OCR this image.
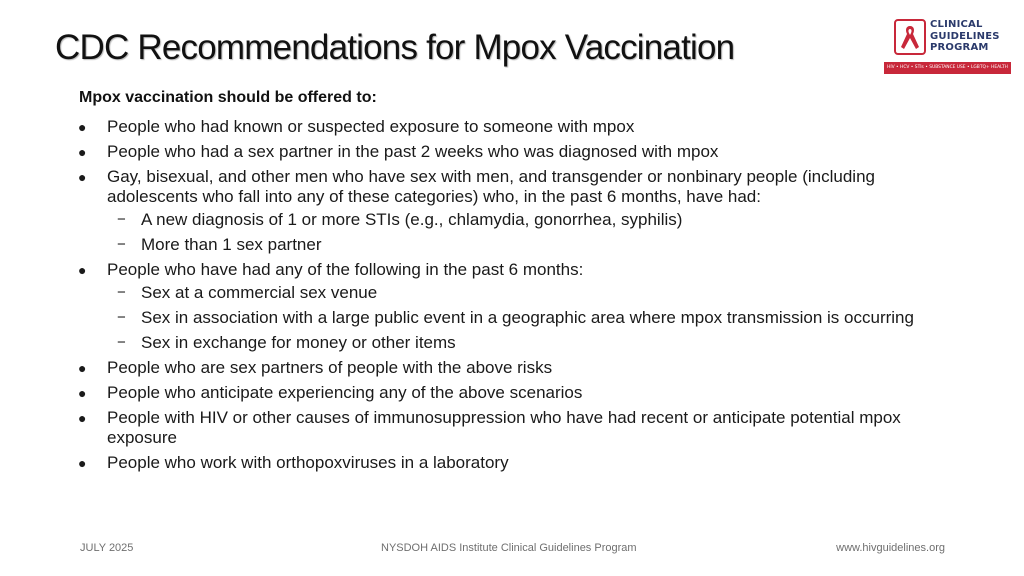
CDC Recommendations for Mpox Vaccination
CLINICAL
GUIDELINES
PROGRAM
HIV • HCV • STIs • SUBSTANCE USE • LGBTQ+ HEALTH
Mpox vaccination should be offered to:
● People who had known or suspected exposure to someone with mpox
● People who had a sex partner in the past 2 weeks who was diagnosed with mpox
● Gay, bisexual, and other men who have sex with men, and transgender or nonbinary people (including adolescents who fall into any of these categories) who, in the past 6 months, have had:
− A new diagnosis of 1 or more STIs (e.g., chlamydia, gonorrhea, syphilis)
− More than 1 sex partner
● People who have had any of the following in the past 6 months:
− Sex at a commercial sex venue
− Sex in association with a large public event in a geographic area where mpox transmission is occurring
− Sex in exchange for money or other items
● People who are sex partners of people with the above risks
● People who anticipate experiencing any of the above scenarios
● People with HIV or other causes of immunosuppression who have had recent or anticipate potential mpox exposure
● People who work with orthopoxviruses in a laboratory
JULY 2025	NYSDOH AIDS Institute Clinical Guidelines Program	www.hivguidelines.org
